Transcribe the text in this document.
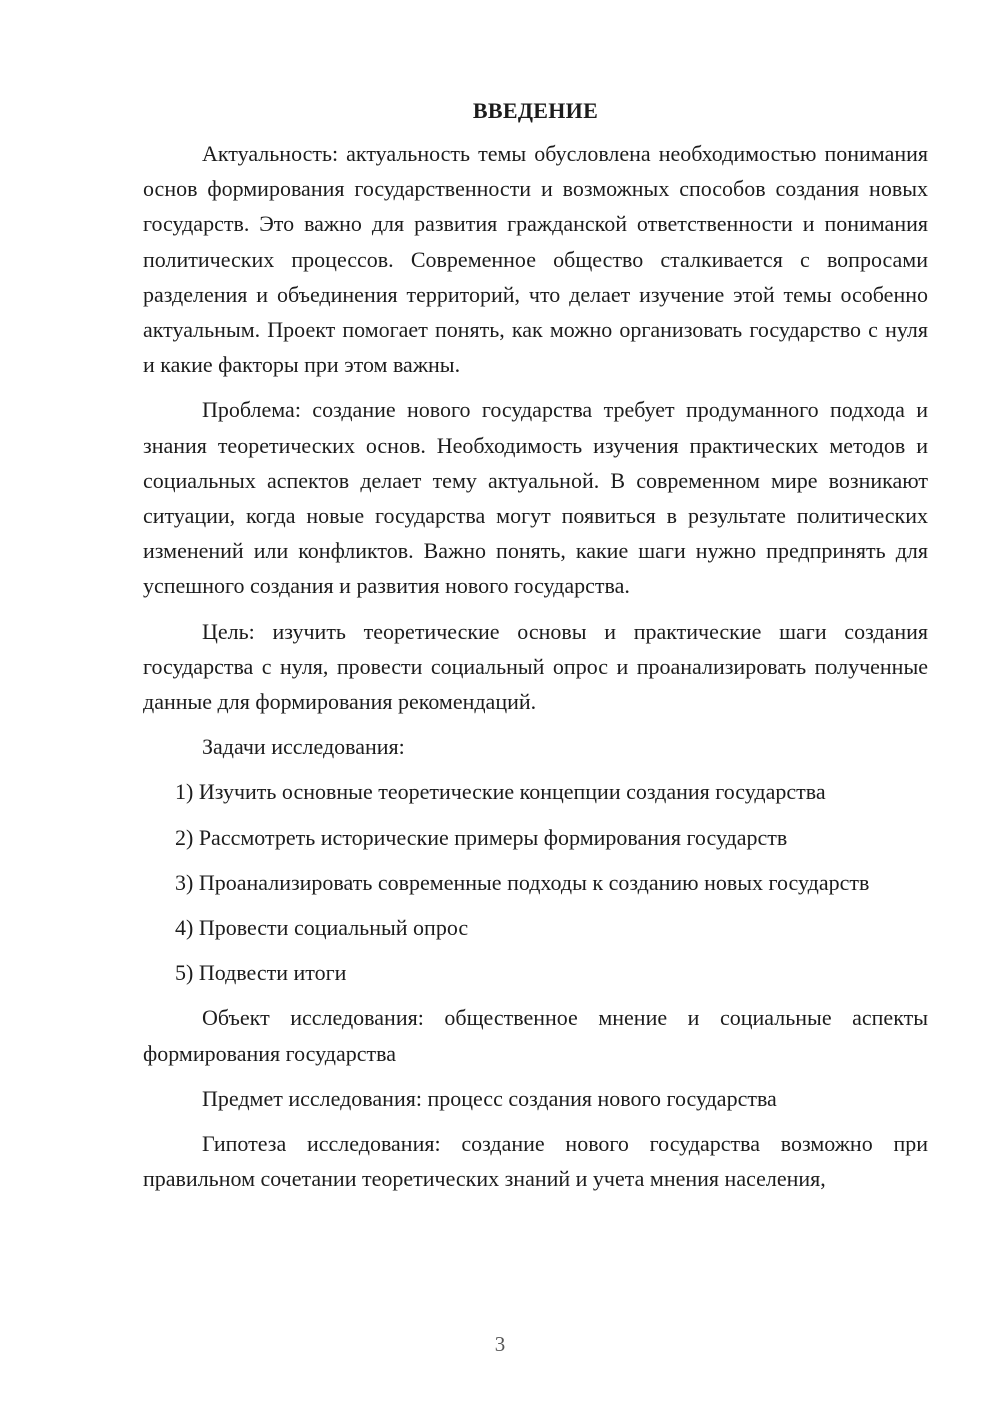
ВВЕДЕНИЕ

Актуальность: актуальность темы обусловлена необходимостью понимания основ формирования государственности и возможных способов создания новых государств. Это важно для развития гражданской ответственности и понимания политических процессов. Современное общество сталкивается с вопросами разделения и объединения территорий, что делает изучение этой темы особенно актуальным. Проект помогает понять, как можно организовать государство с нуля и какие факторы при этом важны.

Проблема: создание нового государства требует продуманного подхода и знания теоретических основ. Необходимость изучения практических методов и социальных аспектов делает тему актуальной. В современном мире возникают ситуации, когда новые государства могут появиться в результате политических изменений или конфликтов. Важно понять, какие шаги нужно предпринять для успешного создания и развития нового государства.

Цель: изучить теоретические основы и практические шаги создания государства с нуля, провести социальный опрос и проанализировать полученные данные для формирования рекомендаций.

Задачи исследования:

1) Изучить основные теоретические концепции создания государства

2) Рассмотреть исторические примеры формирования государств

3) Проанализировать современные подходы к созданию новых государств

4) Провести социальный опрос

5) Подвести итоги

Объект исследования: общественное мнение и социальные аспекты формирования государства

Предмет исследования: процесс создания нового государства

Гипотеза исследования: создание нового государства возможно при правильном сочетании теоретических знаний и учета мнения населения,

3
